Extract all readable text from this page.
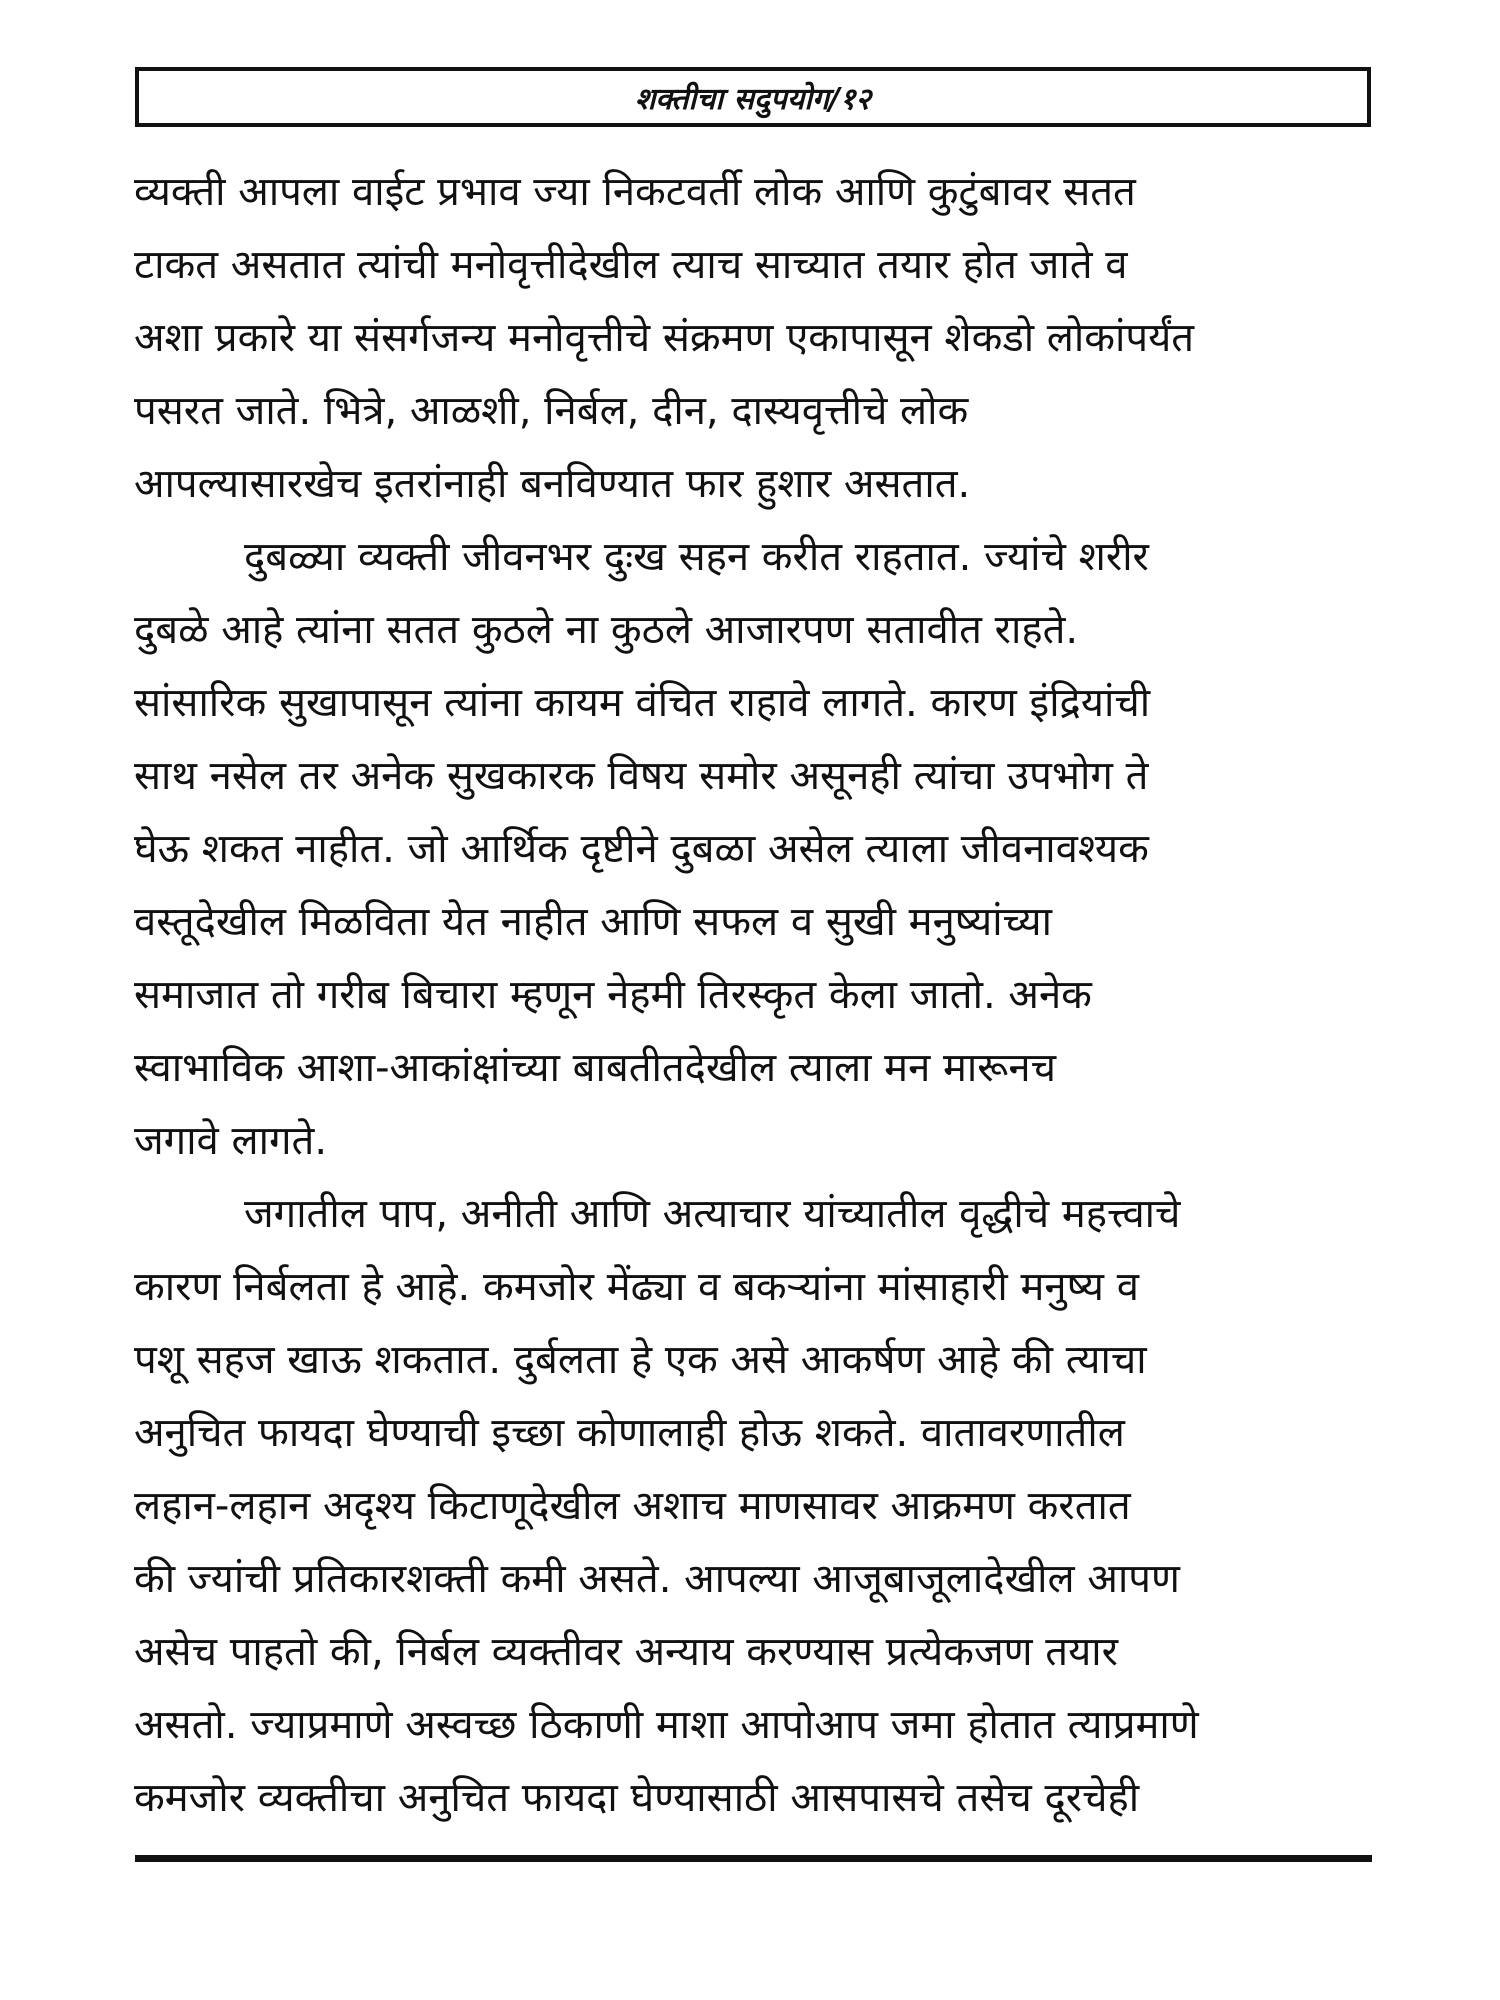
शक्तीचा सदुपयोग/१२
व्यक्ती आपला वाईट प्रभाव ज्या निकटवर्ती लोक आणि कुटुंबावर सतत
टाकत असतात त्यांची मनोवृत्तीदेखील त्याच साच्यात तयार होत जाते व
अशा प्रकारे या संसर्गजन्य मनोवृत्तीचे संक्रमण एकापासून शेकडो लोकांपर्यंत
पसरत जाते. भित्रे, आळशी, निर्बल, दीन, दास्यवृत्तीचे लोक
आपल्यासारखेच इतरांनाही बनविण्यात फार हुशार असतात.
दुबळ्या व्यक्ती जीवनभर दुःख सहन करीत राहतात. ज्यांचे शरीर
दुबळे आहे त्यांना सतत कुठले ना कुठले आजारपण सतावीत राहते.
सांसारिक सुखापासून त्यांना कायम वंचित राहावे लागते. कारण इंद्रियांची
साथ नसेल तर अनेक सुखकारक विषय समोर असूनही त्यांचा उपभोग ते
घेऊ शकत नाहीत. जो आर्थिक दृष्टीने दुबळा असेल त्याला जीवनावश्यक
वस्तूदेखील मिळविता येत नाहीत आणि सफल व सुखी मनुष्यांच्या
समाजात तो गरीब बिचारा म्हणून नेहमी तिरस्कृत केला जातो. अनेक
स्वाभाविक आशा-आकांक्षांच्या बाबतीतदेखील त्याला मन मारूनच
जगावे लागते.
जगातील पाप, अनीती आणि अत्याचार यांच्यातील वृद्धीचे महत्त्वाचे
कारण निर्बलता हे आहे. कमजोर मेंढ्या व बकऱ्यांना मांसाहारी मनुष्य व
पशू सहज खाऊ शकतात. दुर्बलता हे एक असे आकर्षण आहे की त्याचा
अनुचित फायदा घेण्याची इच्छा कोणालाही होऊ शकते. वातावरणातील
लहान-लहान अदृश्य किटाणूदेखील अशाच माणसावर आक्रमण करतात
की ज्यांची प्रतिकारशक्ती कमी असते. आपल्या आजूबाजूलादेखील आपण
असेच पाहतो की, निर्बल व्यक्तीवर अन्याय करण्यास प्रत्येकजण तयार
असतो. ज्याप्रमाणे अस्वच्छ ठिकाणी माशा आपोआप जमा होतात त्याप्रमाणे
कमजोर व्यक्तीचा अनुचित फायदा घेण्यासाठी आसपासचे तसेच दूरचेही
